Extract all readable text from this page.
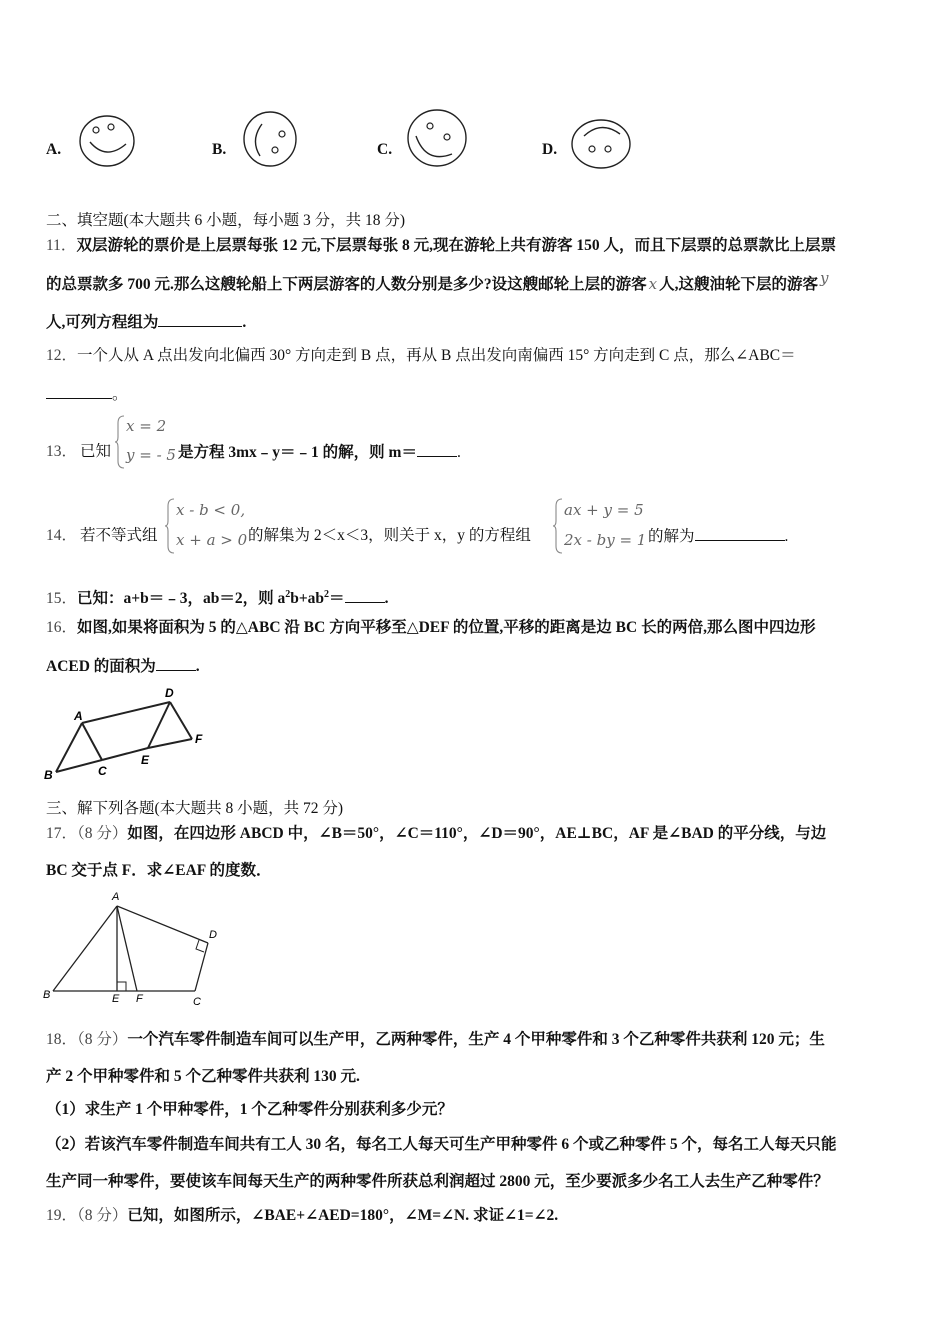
A.	B.	C.	D.
二、填空题(本大题共 6 小题，每小题 3 分，共 18 分)
11．双层游轮的票价是上层票每张 12 元,下层票每张 8 元,现在游轮上共有游客 150 人，而且下层票的总票款比上层票
的总票款多 700 元.那么这艘轮船上下两层游客的人数分别是多少?设这艘邮轮上层的游客 x 人,这艘油轮下层的游客 y
人,可列方程组为	.
12．一个人从 A 点出发向北偏西 30° 方向走到 B 点，再从 B 点出发向南偏西 15° 方向走到 C 点，那么∠ABC＝
。
13． 已知
x = 2
y = - 5 是方程 3mx﹣y＝﹣1 的解，则 m＝	.
14． 若不等式组
x - b < 0,
x + a > 0 的解集为 2＜x＜3，则关于 x，y 的方程组
ax + y = 5
2x - by = 1 的解为	.
15．已知：a+b＝﹣3，ab＝2，则 $a^2b+ab^2=$	.
16．如图,如果将面积为 5 的△ABC 沿 BC 方向平移至△DEF 的位置,平移的距离是边 BC 长的两倍,那么图中四边形
ACED 的面积为	.
A
B	C
D
E
F
三、解下列各题(本大题共 8 小题，共 72 分)
17．（8 分）如图，在四边形 ABCD 中，∠B＝50°，∠C＝110°，∠D＝90°，AE⊥BC，AF 是∠BAD 的平分线，与边
BC 交于点 F．求∠EAF 的度数．
A
B
C
D
E F
18．（8 分）一个汽车零件制造车间可以生产甲，乙两种零件，生产 4 个甲种零件和 3 个乙种零件共获利 120 元；生
产 2 个甲种零件和 5 个乙种零件共获利 130 元.
（1）求生产 1 个甲种零件，1 个乙种零件分别获利多少元？
（2）若该汽车零件制造车间共有工人 30 名，每名工人每天可生产甲种零件 6 个或乙种零件 5 个，每名工人每天只能
生产同一种零件，要使该车间每天生产的两种零件所获总利润超过 2800 元，至少要派多少名工人去生产乙种零件？
19．（8 分）已知，如图所示，∠BAE+∠AED=180°，∠M=∠N. 求证∠1=∠2.
